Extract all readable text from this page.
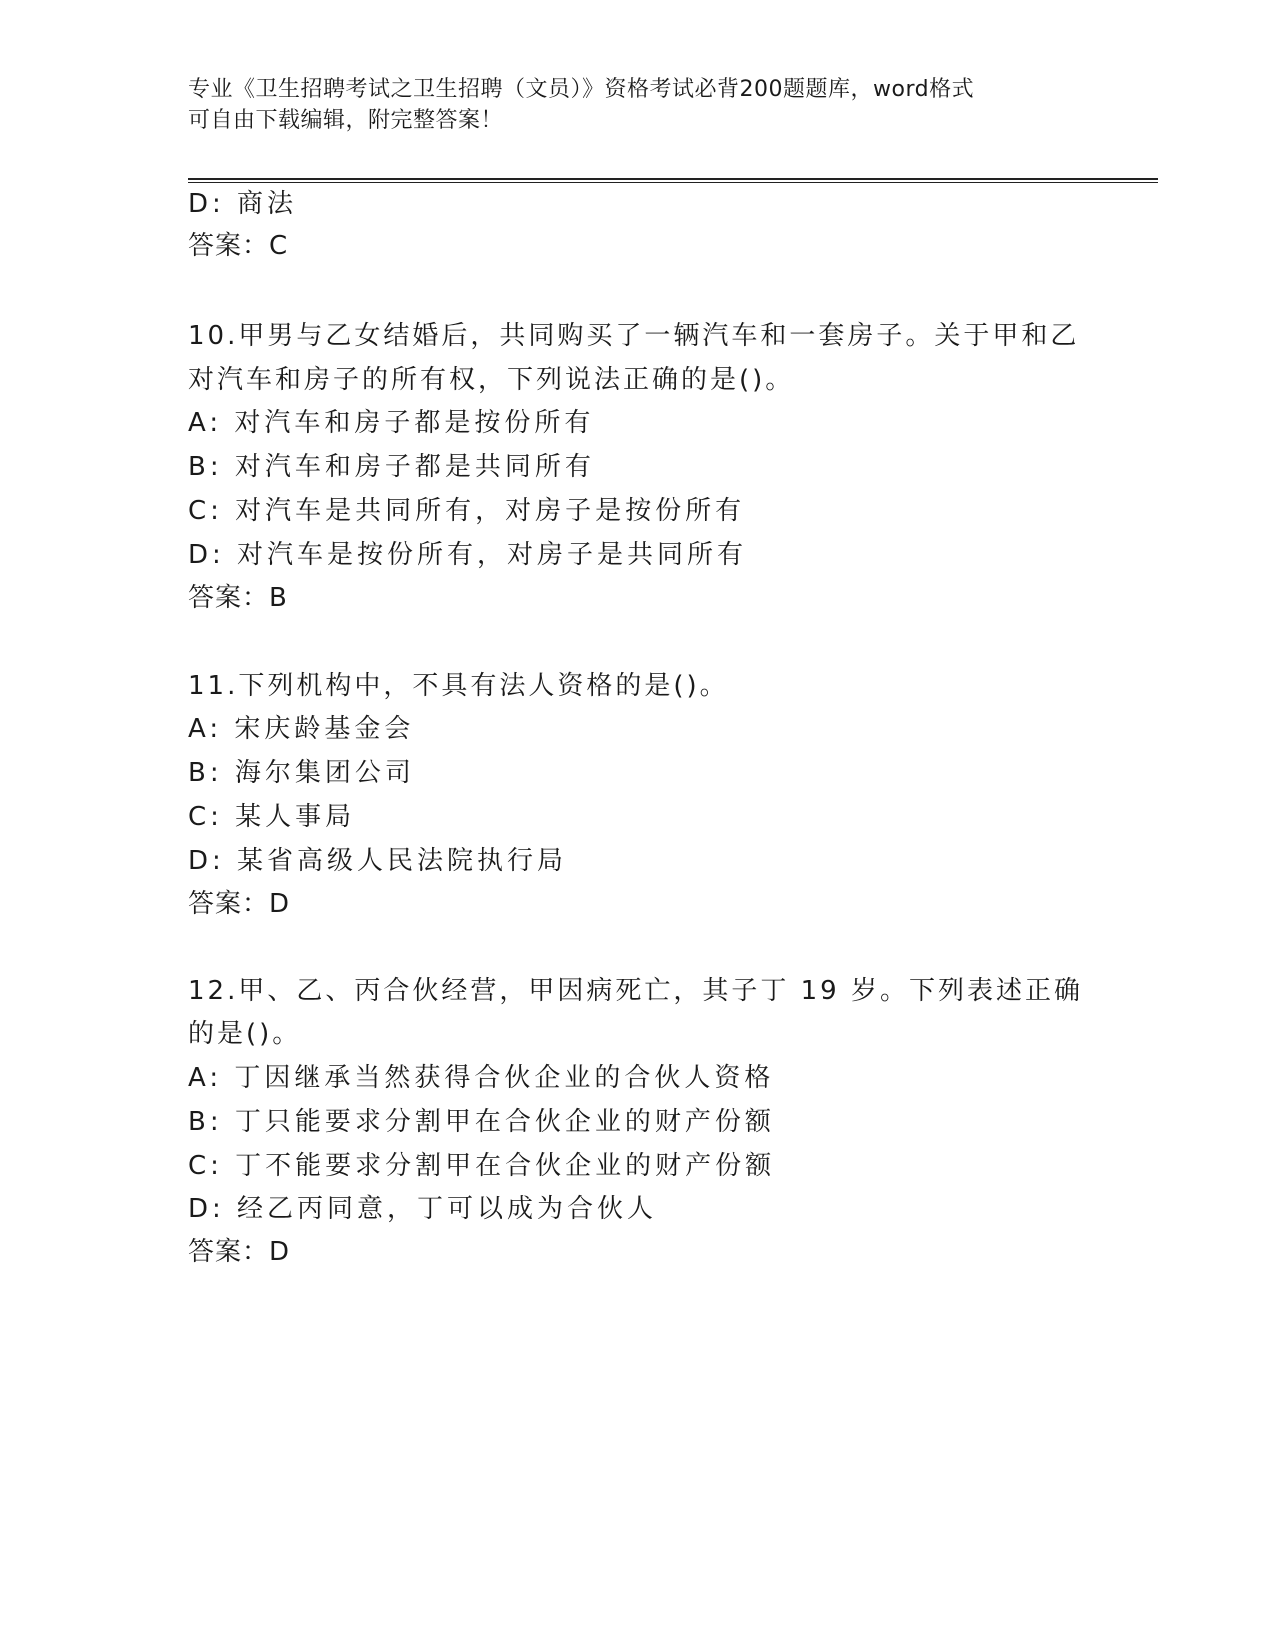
专业《卫生招聘考试之卫生招聘（文员）》资格考试必背200题题库，word格式
可自由下载编辑，附完整答案！
D: 商法
答案：C
10.甲男与乙女结婚后，共同购买了一辆汽车和一套房子。关于甲和乙
对汽车和房子的所有权，下列说法正确的是()。
A: 对汽车和房子都是按份所有
B: 对汽车和房子都是共同所有
C: 对汽车是共同所有，对房子是按份所有
D: 对汽车是按份所有，对房子是共同所有
答案：B
11.下列机构中，不具有法人资格的是()。
A: 宋庆龄基金会
B: 海尔集团公司
C: 某人事局
D: 某省高级人民法院执行局
答案：D
12.甲、乙、丙合伙经营，甲因病死亡，其子丁 19 岁。下列表述正确
的是()。
A: 丁因继承当然获得合伙企业的合伙人资格
B: 丁只能要求分割甲在合伙企业的财产份额
C: 丁不能要求分割甲在合伙企业的财产份额
D: 经乙丙同意，丁可以成为合伙人
答案：D
